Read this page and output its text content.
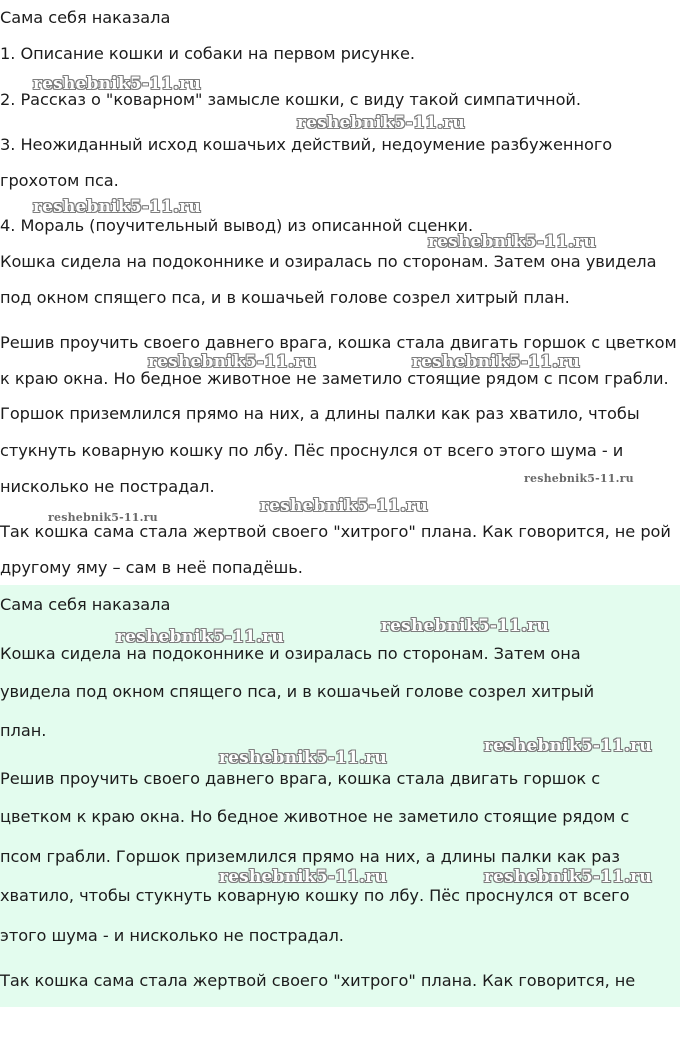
Сама себя наказала

1. Описание кошки и собаки на первом рисунке.

2. Рассказ о "коварном" замысле кошки, с виду такой симпатичной.

3. Неожиданный исход кошачьих действий, недоумение разбуженного

грохотом пса.

4. Мораль (поучительный вывод) из описанной сценки.

Кошка сидела на подоконнике и озиралась по сторонам. Затем она увидела

под окном спящего пса, и в кошачьей голове созрел хитрый план.

Решив проучить своего давнего врага, кошка стала двигать горшок с цветком

к краю окна. Но бедное животное не заметило стоящие рядом с псом грабли.

Горшок приземлился прямо на них, а длины палки как раз хватило, чтобы

стукнуть коварную кошку по лбу. Пёс проснулся от всего этого шума - и

нисколько не пострадал.

Так кошка сама стала жертвой своего "хитрого" плана. Как говорится, не рой

другому яму – сам в неё попадёшь.

Сама себя наказала

Кошка сидела на подоконнике и озиралась по сторонам. Затем она

увидела под окном спящего пса, и в кошачьей голове созрел хитрый

план.

Решив проучить своего давнего врага, кошка стала двигать горшок с

цветком к краю окна. Но бедное животное не заметило стоящие рядом с

псом грабли. Горшок приземлился прямо на них, а длины палки как раз

хватило, чтобы стукнуть коварную кошку по лбу. Пёс проснулся от всего

этого шума - и нисколько не пострадал.

Так кошка сама стала жертвой своего "хитрого" плана. Как говорится, не

reshebnik5-11.ru
reshebnik5-11.ru
reshebnik5-11.ru
reshebnik5-11.ru
reshebnik5-11.ru	reshebnik5-11.ru
reshebnik5-11.ru
reshebnik5-11.ru
reshebnik5-11.ru
reshebnik5-11.ru
reshebnik5-11.ru
reshebnik5-11.ru
reshebnik5-11.ru
reshebnik5-11.ru	reshebnik5-11.ru
